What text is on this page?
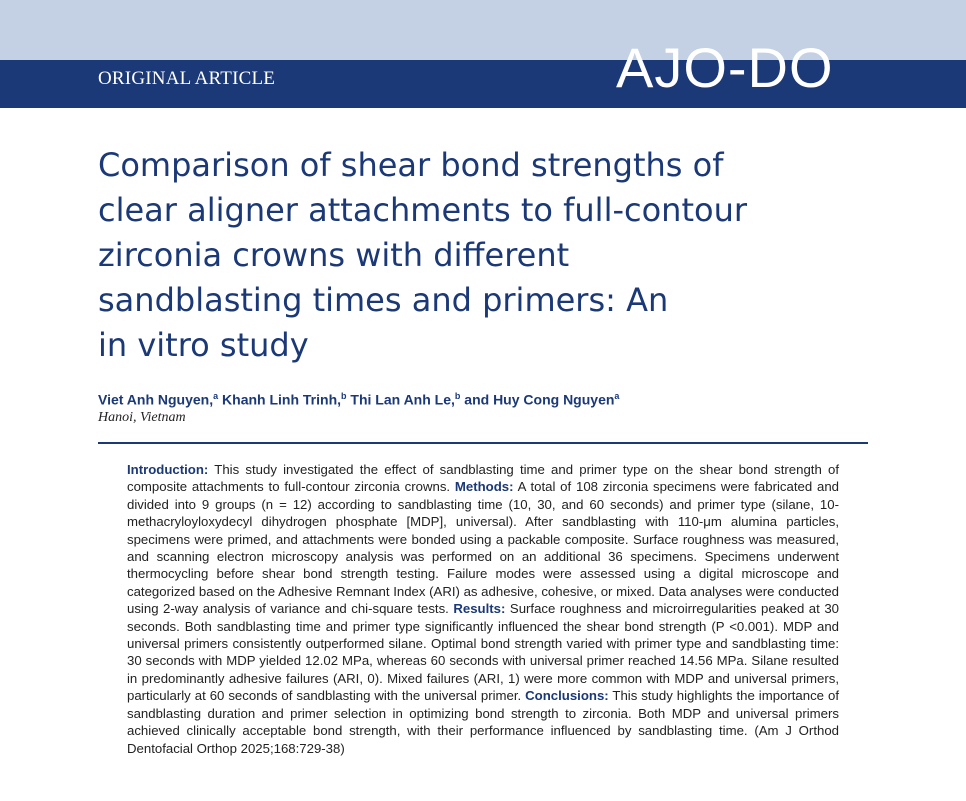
ORIGINAL ARTICLE	AJO-DO
Comparison of shear bond strengths of
clear aligner attachments to full-contour
zirconia crowns with different
sandblasting times and primers: An
in vitro study
Viet Anh Nguyen,$^a$ Khanh Linh Trinh,$^b$ Thi Lan Anh Le,$^b$ and Huy Cong Nguyen$^a$
Hanoi, Vietnam

Introduction: This study investigated the effect of sandblasting time and primer type on the shear bond strength of composite attachments to full-contour zirconia crowns. Methods: A total of 108 zirconia specimens were fabricated and divided into 9 groups (n = 12) according to sandblasting time (10, 30, and 60 seconds) and primer type (silane, 10-methacryloyloxydecyl dihydrogen phosphate [MDP], universal). After sandblasting with 110-μm alumina particles, specimens were primed, and attachments were bonded using a packable composite. Surface roughness was measured, and scanning electron microscopy analysis was performed on an additional 36 specimens. Specimens underwent thermocycling before shear bond strength testing. Failure modes were assessed using a digital microscope and categorized based on the Adhesive Remnant Index (ARI) as adhesive, cohesive, or mixed. Data analyses were conducted using 2-way analysis of variance and chi-square tests. Results: Surface roughness and microirregularities peaked at 30 seconds. Both sandblasting time and primer type significantly influenced the shear bond strength (P <0.001). MDP and universal primers consistently outperformed silane. Optimal bond strength varied with primer type and sandblasting time: 30 seconds with MDP yielded 12.02 MPa, whereas 60 seconds with universal primer reached 14.56 MPa. Silane resulted in predominantly adhesive failures (ARI, 0). Mixed failures (ARI, 1) were more common with MDP and universal primers, particularly at 60 seconds of sandblasting with the universal primer. Conclusions: This study highlights the importance of sandblasting duration and primer selection in optimizing bond strength to zirconia. Both MDP and universal primers achieved clinically acceptable bond strength, with their performance influenced by sandblasting time. (Am J Orthod Dentofacial Orthop 2025;168:729-38)
